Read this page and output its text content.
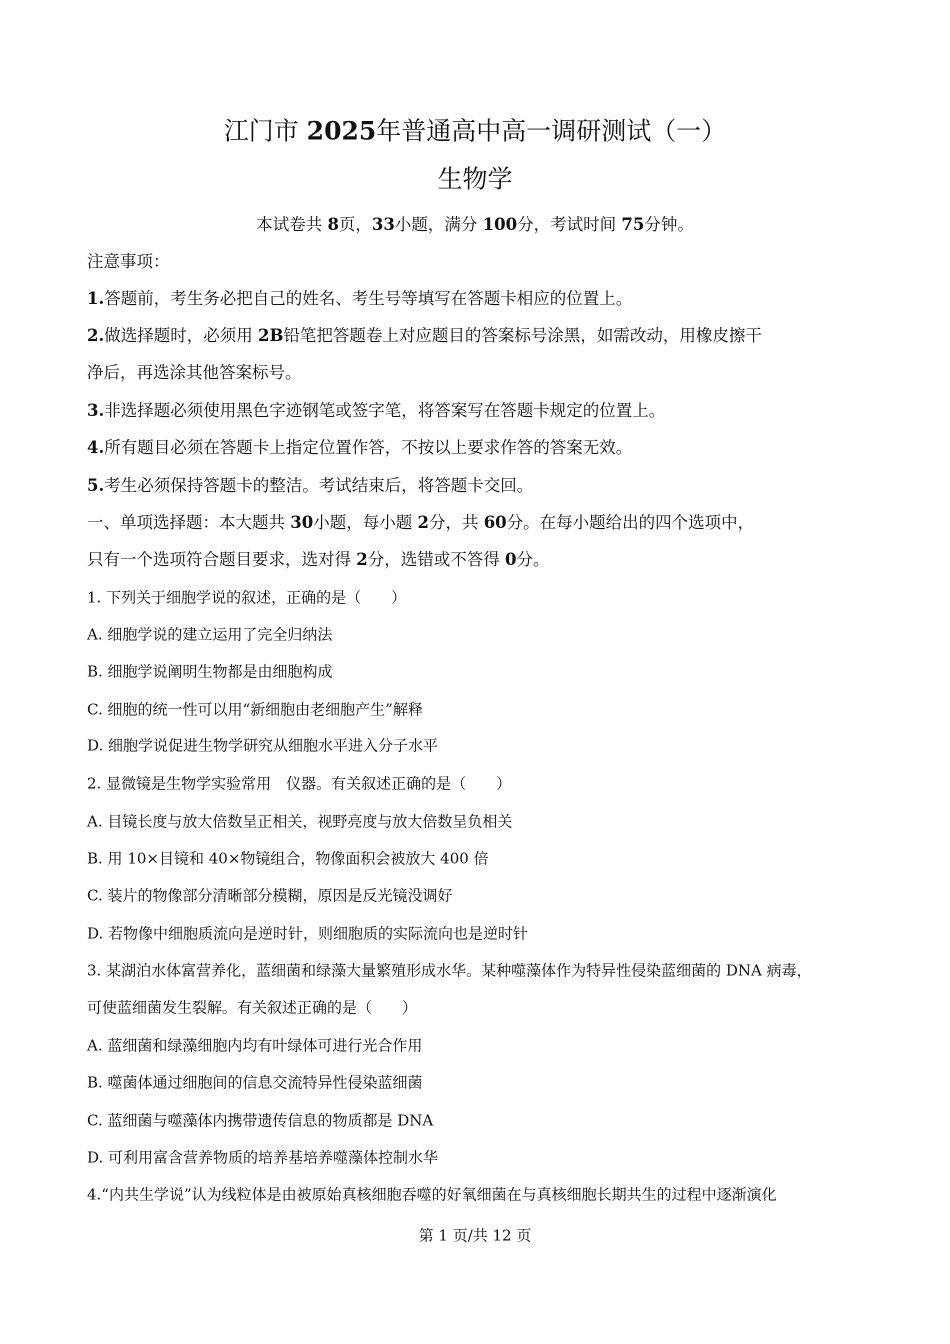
江门市 2025年普通高中高一调研测试（一）
生物学
本试卷共 8页，33小题，满分 100分，考试时间 75分钟。
注意事项：
1.答题前，考生务必把自己的姓名、考生号等填写在答题卡相应的位置上。
2.做选择题时，必须用 2B铅笔把答题卷上对应题目的答案标号涂黑，如需改动，用橡皮擦干
净后，再选涂其他答案标号。
3.非选择题必须使用黑色字迹钢笔或签字笔，将答案写在答题卡规定的位置上。
4.所有题目必须在答题卡上指定位置作答，不按以上要求作答的答案无效。
5.考生必须保持答题卡的整洁。考试结束后，将答题卡交回。
一、单项选择题：本大题共 30小题，每小题 2分，共 60分。在每小题给出的四个选项中，
只有一个选项符合题目要求，选对得 2分，选错或不答得 0分。
1. 下列关于细胞学说的叙述，正确的是（　　）
A. 细胞学说的建立运用了完全归纳法
B. 细胞学说阐明生物都是由细胞构成
C. 细胞的统一性可以用“新细胞由老细胞产生”解释
D. 细胞学说促进生物学研究从细胞水平进入分子水平
2. 显微镜是生物学实验常用　仪器。有关叙述正确的是（　　）
A. 目镜长度与放大倍数呈正相关，视野亮度与放大倍数呈负相关
B. 用 10×目镜和 40×物镜组合，物像面积会被放大 400 倍
C. 装片的物像部分清晰部分模糊，原因是反光镜没调好
D. 若物像中细胞质流向是逆时针，则细胞质的实际流向也是逆时针
3. 某湖泊水体富营养化，蓝细菌和绿藻大量繁殖形成水华。某种噬藻体作为特异性侵染蓝细菌的 DNA 病毒，
可使蓝细菌发生裂解。有关叙述正确的是（　　）
A. 蓝细菌和绿藻细胞内均有叶绿体可进行光合作用
B. 噬菌体通过细胞间的信息交流特异性侵染蓝细菌
C. 蓝细菌与噬藻体内携带遗传信息的物质都是 DNA
D. 可利用富含营养物质的培养基培养噬藻体控制水华
4.“内共生学说”认为线粒体是由被原始真核细胞吞噬的好氧细菌在与真核细胞长期共生的过程中逐渐演化
第 1 页/共 12 页
